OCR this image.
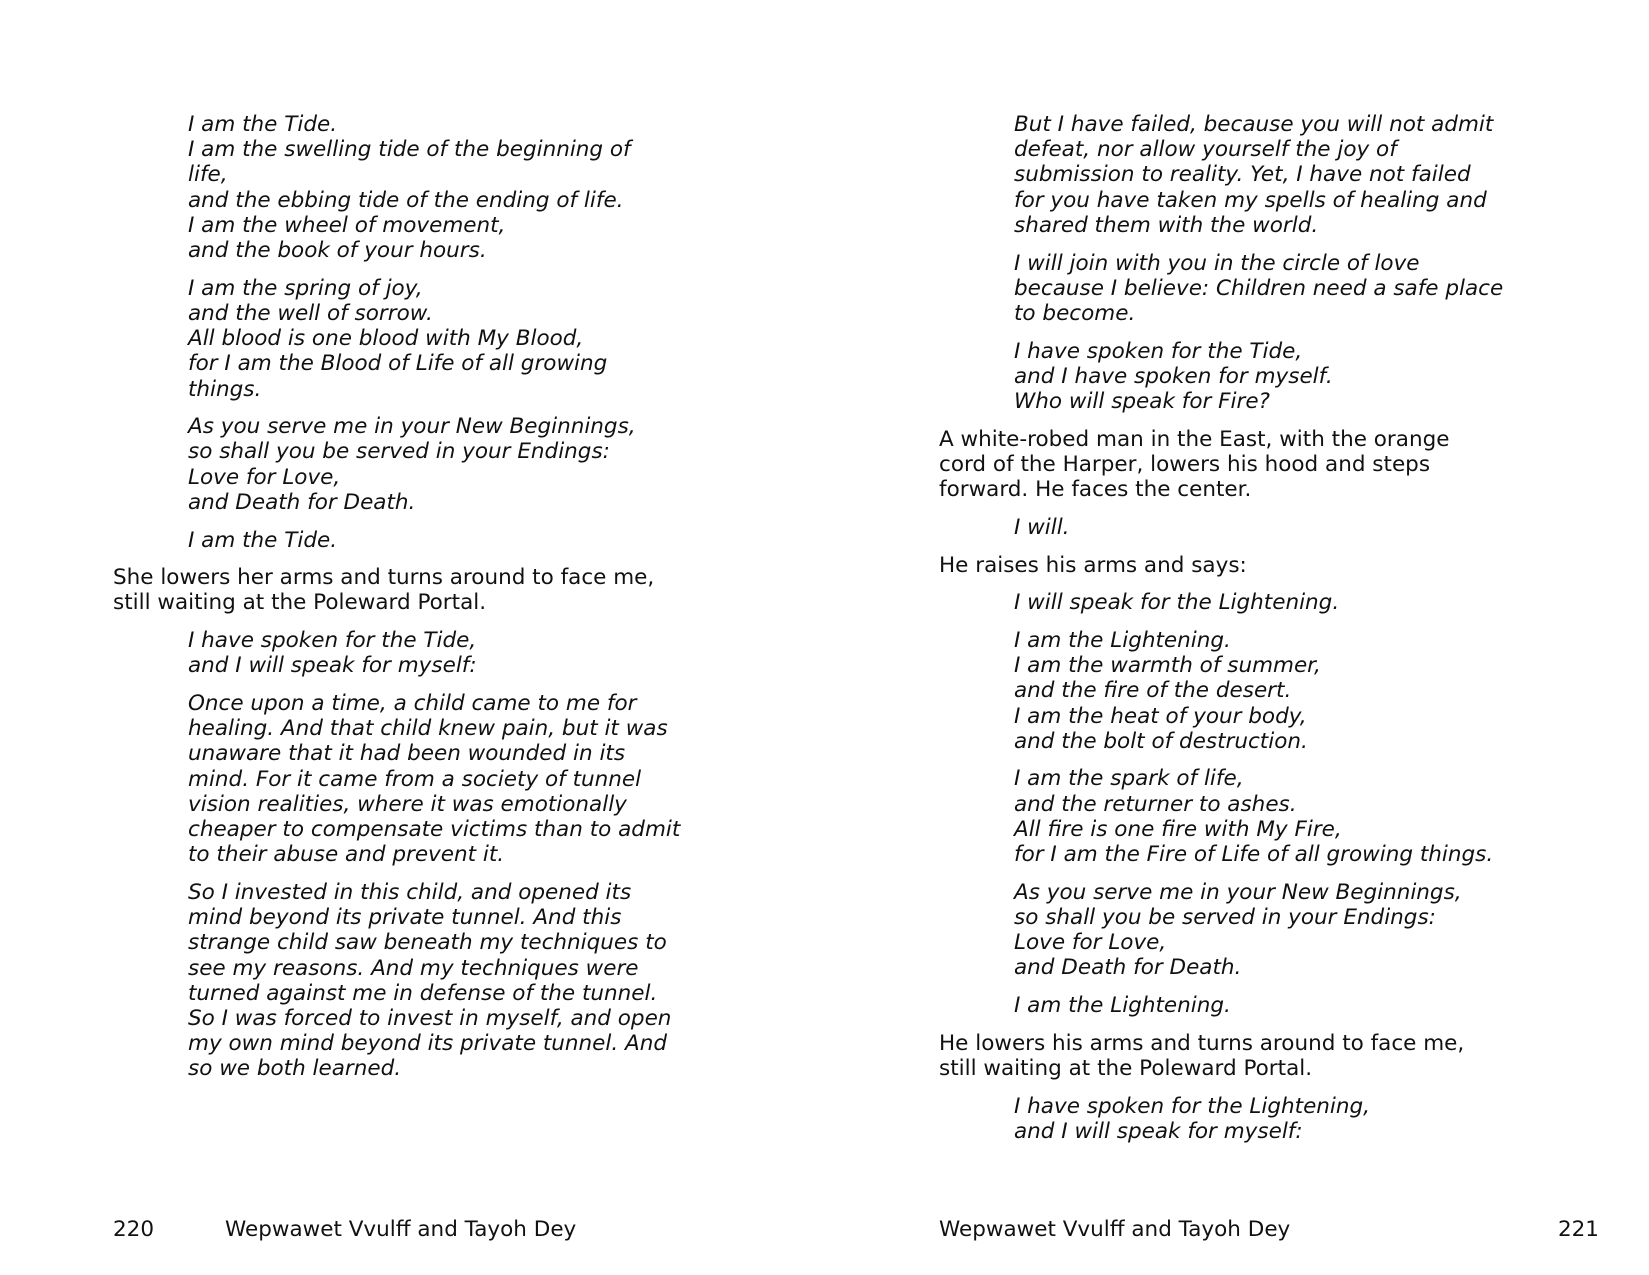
I am the Tide.
I am the swelling tide of the beginning of
life,
and the ebbing tide of the ending of life.
I am the wheel of movement,
and the book of your hours.

I am the spring of joy,
and the well of sorrow.
All blood is one blood with My Blood,
for I am the Blood of Life of all growing
things.

As you serve me in your New Beginnings,
so shall you be served in your Endings:
Love for Love,
and Death for Death.

I am the Tide.

She lowers her arms and turns around to face me,
still waiting at the Poleward Portal.

I have spoken for the Tide,
and I will speak for myself:

Once upon a time, a child came to me for
healing. And that child knew pain, but it was
unaware that it had been wounded in its
mind. For it came from a society of tunnel
vision realities, where it was emotionally
cheaper to compensate victims than to admit
to their abuse and prevent it.

So I invested in this child, and opened its
mind beyond its private tunnel. And this
strange child saw beneath my techniques to
see my reasons. And my techniques were
turned against me in defense of the tunnel.
So I was forced to invest in myself, and open
my own mind beyond its private tunnel. And
so we both learned.

220	Wepwawet Vvulff and Tayoh Dey

But I have failed, because you will not admit
defeat, nor allow yourself the joy of
submission to reality. Yet, I have not failed
for you have taken my spells of healing and
shared them with the world.

I will join with you in the circle of love
because I believe: Children need a safe place
to become.

I have spoken for the Tide,
and I have spoken for myself.
Who will speak for Fire?

A white-robed man in the East, with the orange
cord of the Harper, lowers his hood and steps
forward. He faces the center.

I will.

He raises his arms and says:

I will speak for the Lightening.

I am the Lightening.
I am the warmth of summer,
and the fire of the desert.
I am the heat of your body,
and the bolt of destruction.

I am the spark of life,
and the returner to ashes.
All fire is one fire with My Fire,
for I am the Fire of Life of all growing things.

As you serve me in your New Beginnings,
so shall you be served in your Endings:
Love for Love,
and Death for Death.

I am the Lightening.

He lowers his arms and turns around to face me,
still waiting at the Poleward Portal.

I have spoken for the Lightening,
and I will speak for myself:

Wepwawet Vvulff and Tayoh Dey	221
